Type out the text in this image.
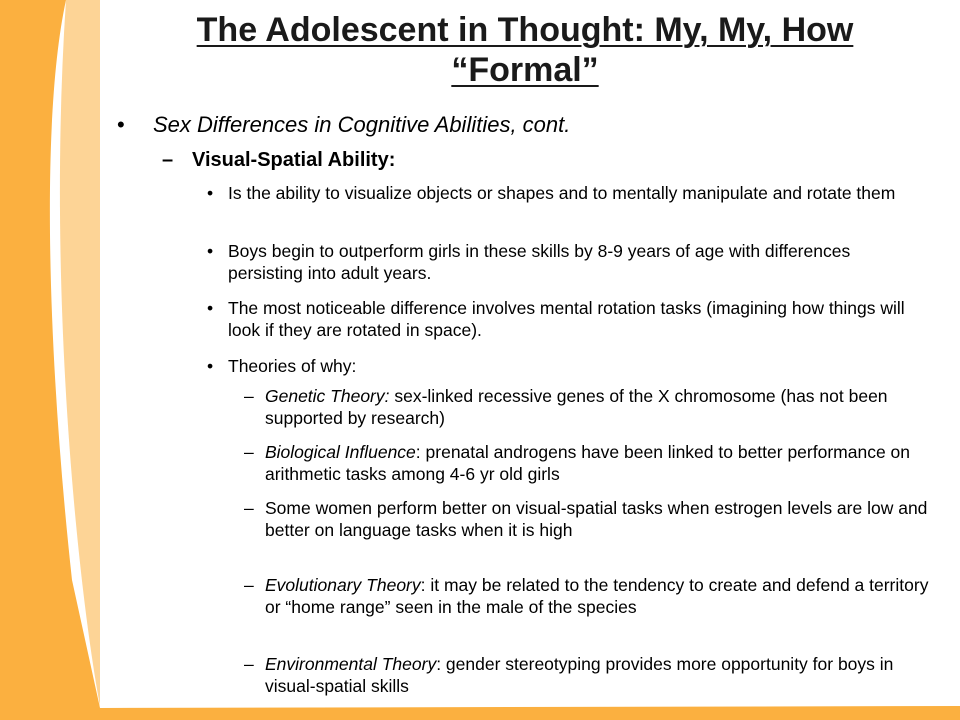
The Adolescent in Thought: My, My, How “Formal”
• Sex Differences in Cognitive Abilities, cont.
– Visual-Spatial Ability:
• Is the ability to visualize objects or shapes and to mentally manipulate and rotate them
• Boys begin to outperform girls in these skills by 8-9 years of age with differences persisting into adult years.
• The most noticeable difference involves mental rotation tasks (imagining how things will look if they are rotated in space).
• Theories of why:
– Genetic Theory: sex-linked recessive genes of the X chromosome (has not been supported by research)
– Biological Influence: prenatal androgens have been linked to better performance on arithmetic tasks among 4-6 yr old girls
– Some women perform better on visual-spatial tasks when estrogen levels are low and better on language tasks when it is high
– Evolutionary Theory: it may be related to the tendency to create and defend a territory or “home range” seen in the male of the species
– Environmental Theory: gender stereotyping provides more opportunity for boys in visual-spatial skills
